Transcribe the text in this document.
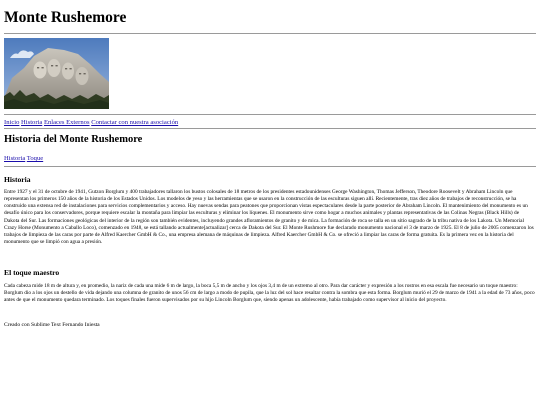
Monte Rushemore
Inicio Historia Enlaces Externos Contactar con nuestra asociación
Historia del Monte Rushemore
Historia Toque
Historia

Entre 1927 y el 31 de octubre de 1941, Gutzon Borglum y 400 trabajadores tallaron los bustos colosales de 18 metros de los presidentes estadounidenses George Washington, Thomas Jefferson, Theodore Roosevelt y Abraham Lincoln que representan los primeros 150 años de la historia de los Estados Unidos. Los modelos de yeso y las herramientas que se usaron en la construcción de las esculturas siguen allí. Recientemente, tras diez años de trabajos de reconstrucción, se ha construido una extensa red de instalaciones para servicios complementarios y acceso. Hay nuevas sendas para peatones que proporcionan vistas espectaculares desde la parte posterior de Abraham Lincoln. El mantenimiento del monumento es un desafío único para los conservadores, porque requiere escalar la montaña para limpiar las esculturas y eliminar los líquenes. El monumento sirve como hogar a muchos animales y plantas representativas de las Colinas Negras (Black Hills) de Dakota del Sur. Las formaciones geológicas del interior de la región son también evidentes, incluyendo grandes afloramientos de granito y de mica. La formación de roca se talla en un sitio sagrado de la tribu nativa de los Lakota. Un Memorial Crazy Horse (Monumento a Caballo Loco), comenzado en 1948, se está tallando actualmente[actualizar] cerca de Dakota del Sur. El Monte Rushmore fue declarado monumento nacional el 3 de marzo de 1925. El 8 de julio de 2005 comenzaron los trabajos de limpieza de las caras por parte de Alfred Kaercher GmbH & Co., una empresa alemana de máquinas de limpieza. Alfred Kaercher GmbH & Co. se ofreció a limpiar las caras de forma gratuita. Es la primera vez en la historia del monumento que se limpió con agua a presión.

El toque maestro

Cada cabeza mide 18 m de altura y, en promedio, la nariz de cada una mide 6 m de largo, la boca 5,5 m de ancho y los ojos 3,4 m de un extremo al otro. Para dar carácter y expresión a los rostros en esa escala fue necesario un toque maestro: Borglum dio a los ojos un destello de vida dejando una columna de granito de unos 56 cm de largo a modo de pupila, que la luz del sol hace resaltar contra la sombra que esta forma. Borglum murió el 29 de marzo de 1941 a la edad de 73 años, poco antes de que el monumento quedara terminado. Los toques finales fueron supervisados por su hijo Lincoln Borglum que, siendo apenas un adolescente, había trabajado como supervisor al inicio del proyecto.

Creado con Sublime Text Fernando Iniesta
